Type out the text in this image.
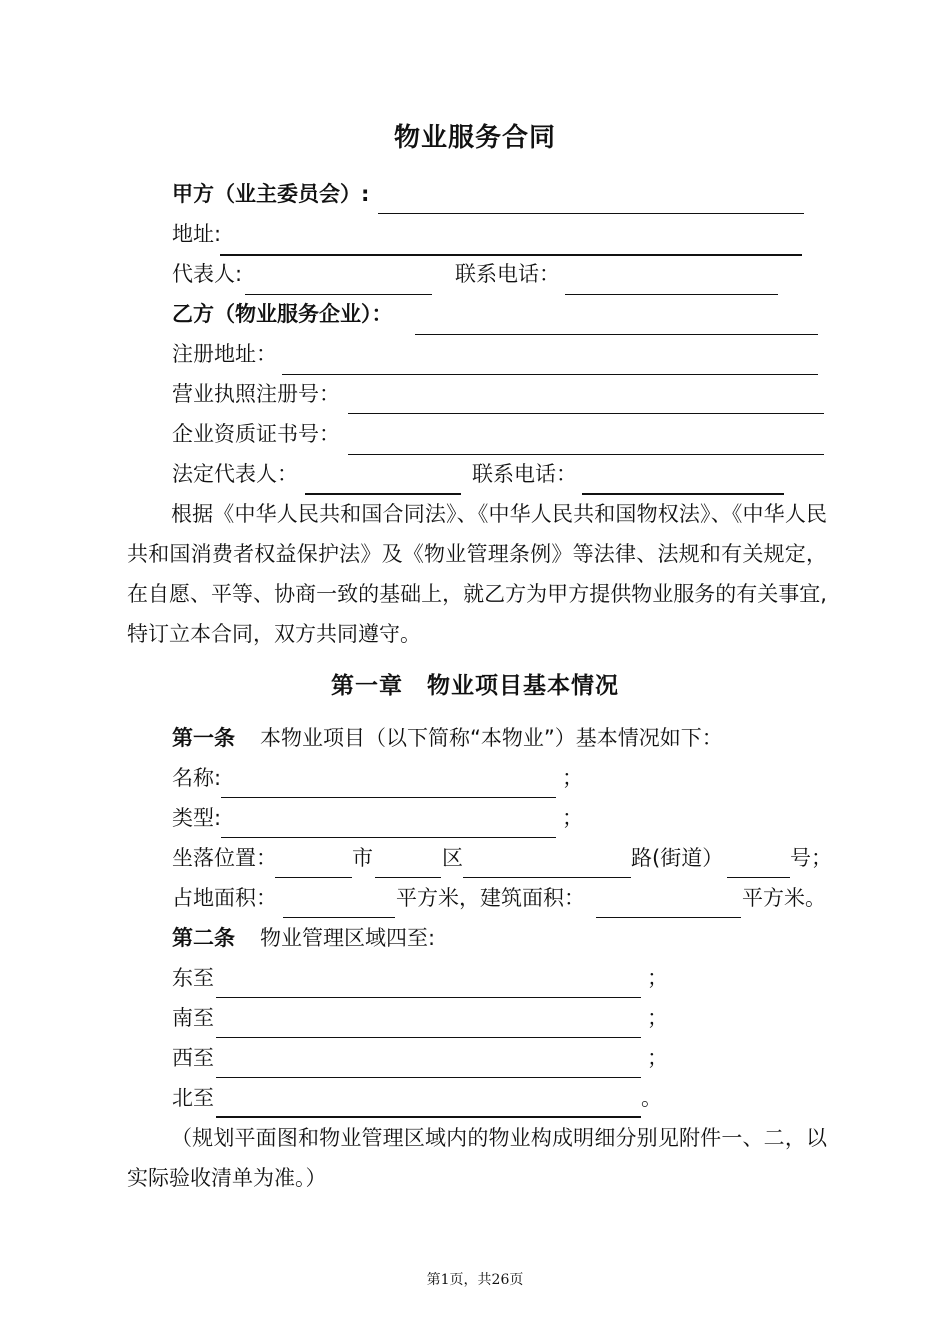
物业服务合同
甲方（业主委员会）:
地址:
代表人:	联系电话：
乙方（物业服务企业）：
注册地址：
营业执照注册号：
企业资质证书号：
法定代表人：	联系电话：
根据《中华人民共和国合同法》、《中华人民共和国物权法》、《中华人民共和国消费者权益保护法》及《物业管理条例》等法律、法规和有关规定，在自愿、平等、协商一致的基础上，就乙方为甲方提供物业服务的有关事宜,特订立本合同，双方共同遵守。
第一章　物业项目基本情况
第一条 本物业项目（以下简称“本物业”）基本情况如下：
名称:	；
类型:	；
坐落位置：	市	区	路(街道）	号；
占地面积：	平方米，建筑面积：	平方米。
第二条 物业管理区域四至:
东至	；
南至	；
西至	；
北至	。
（规划平面图和物业管理区域内的物业构成明细分别见附件一、二，以实际验收清单为准。）
第1页，共26页
